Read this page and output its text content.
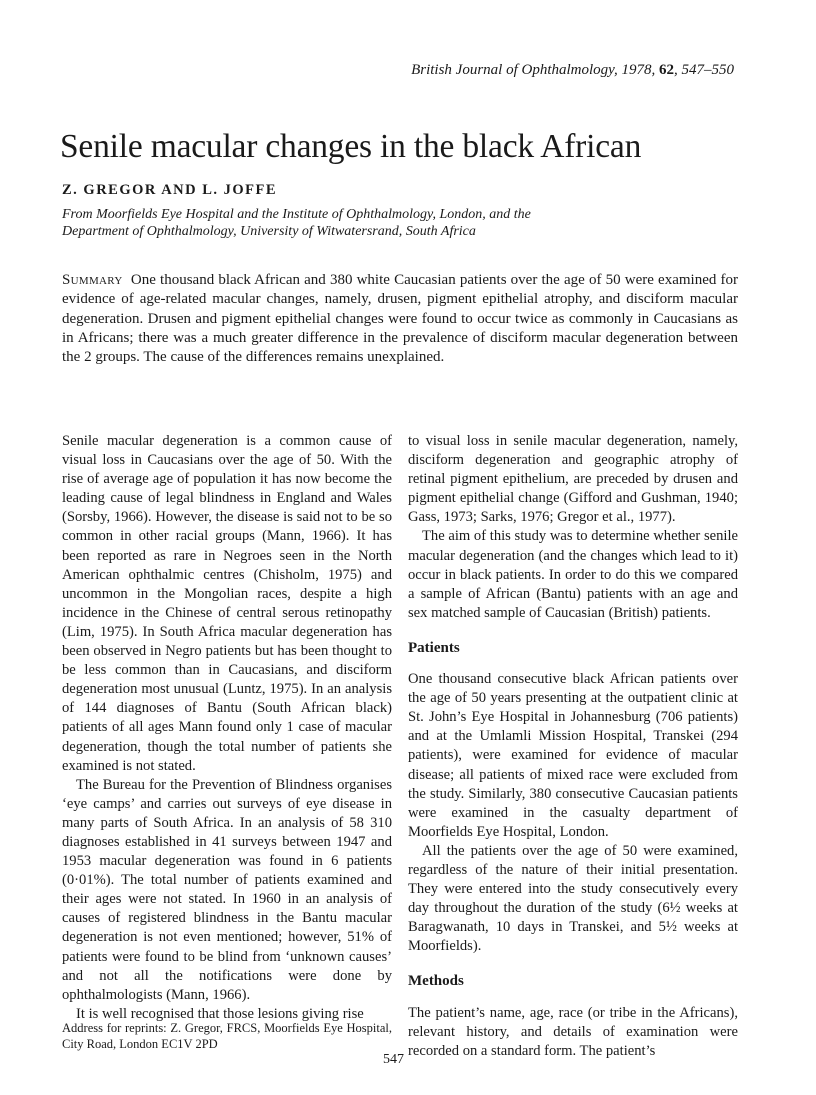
British Journal of Ophthalmology, 1978, 62, 547–550
Senile macular changes in the black African
Z. GREGOR AND L. JOFFE
From Moorfields Eye Hospital and the Institute of Ophthalmology, London, and the Department of Ophthalmology, University of Witwatersrand, South Africa

Summary One thousand black African and 380 white Caucasian patients over the age of 50 were examined for evidence of age-related macular changes, namely, drusen, pigment epithelial atrophy, and disciform macular degeneration. Drusen and pigment epithelial changes were found to occur twice as commonly in Caucasians as in Africans; there was a much greater difference in the prevalence of disciform macular degeneration between the 2 groups. The cause of the differences remains unexplained.

Senile macular degeneration is a common cause of visual loss in Caucasians over the age of 50. With the rise of average age of population it has now become the leading cause of legal blindness in England and Wales (Sorsby, 1966). However, the disease is said not to be so common in other racial groups (Mann, 1966). It has been reported as rare in Negroes seen in the North American ophthalmic centres (Chisholm, 1975) and uncommon in the Mongolian races, despite a high incidence in the Chinese of central serous retinopathy (Lim, 1975). In South Africa macular degeneration has been observed in Negro patients but has been thought to be less common than in Caucasians, and disciform degeneration most unusual (Luntz, 1975). In an analysis of 144 diagnoses of Bantu (South African black) patients of all ages Mann found only 1 case of macular degeneration, though the total number of patients she examined is not stated.

The Bureau for the Prevention of Blindness organises ‘eye camps’ and carries out surveys of eye disease in many parts of South Africa. In an analysis of 58 310 diagnoses established in 41 surveys between 1947 and 1953 macular degeneration was found in 6 patients (0·01%). The total number of patients examined and their ages were not stated. In 1960 in an analysis of causes of registered blindness in the Bantu macular degeneration is not even mentioned; however, 51% of patients were found to be blind from ‘unknown causes’ and not all the notifications were done by ophthalmologists (Mann, 1966).

It is well recognised that those lesions giving rise

to visual loss in senile macular degeneration, namely, disciform degeneration and geographic atrophy of retinal pigment epithelium, are preceded by drusen and pigment epithelial change (Gifford and Gushman, 1940; Gass, 1973; Sarks, 1976; Gregor et al., 1977).

The aim of this study was to determine whether senile macular degeneration (and the changes which lead to it) occur in black patients. In order to do this we compared a sample of African (Bantu) patients with an age and sex matched sample of Caucasian (British) patients.

Patients

One thousand consecutive black African patients over the age of 50 years presenting at the outpatient clinic at St. John’s Eye Hospital in Johannesburg (706 patients) and at the Umlamli Mission Hospital, Transkei (294 patients), were examined for evidence of macular disease; all patients of mixed race were excluded from the study. Similarly, 380 consecutive Caucasian patients were examined in the casualty department of Moorfields Eye Hospital, London.

All the patients over the age of 50 were examined, regardless of the nature of their initial presentation. They were entered into the study consecutively every day throughout the duration of the study (6½ weeks at Baragwanath, 10 days in Transkei, and 5½ weeks at Moorfields).

Methods

The patient’s name, age, race (or tribe in the Africans), relevant history, and details of examination were recorded on a standard form. The patient’s

Address for reprints: Z. Gregor, FRCS, Moorfields Eye Hospital, City Road, London EC1V 2PD
547
